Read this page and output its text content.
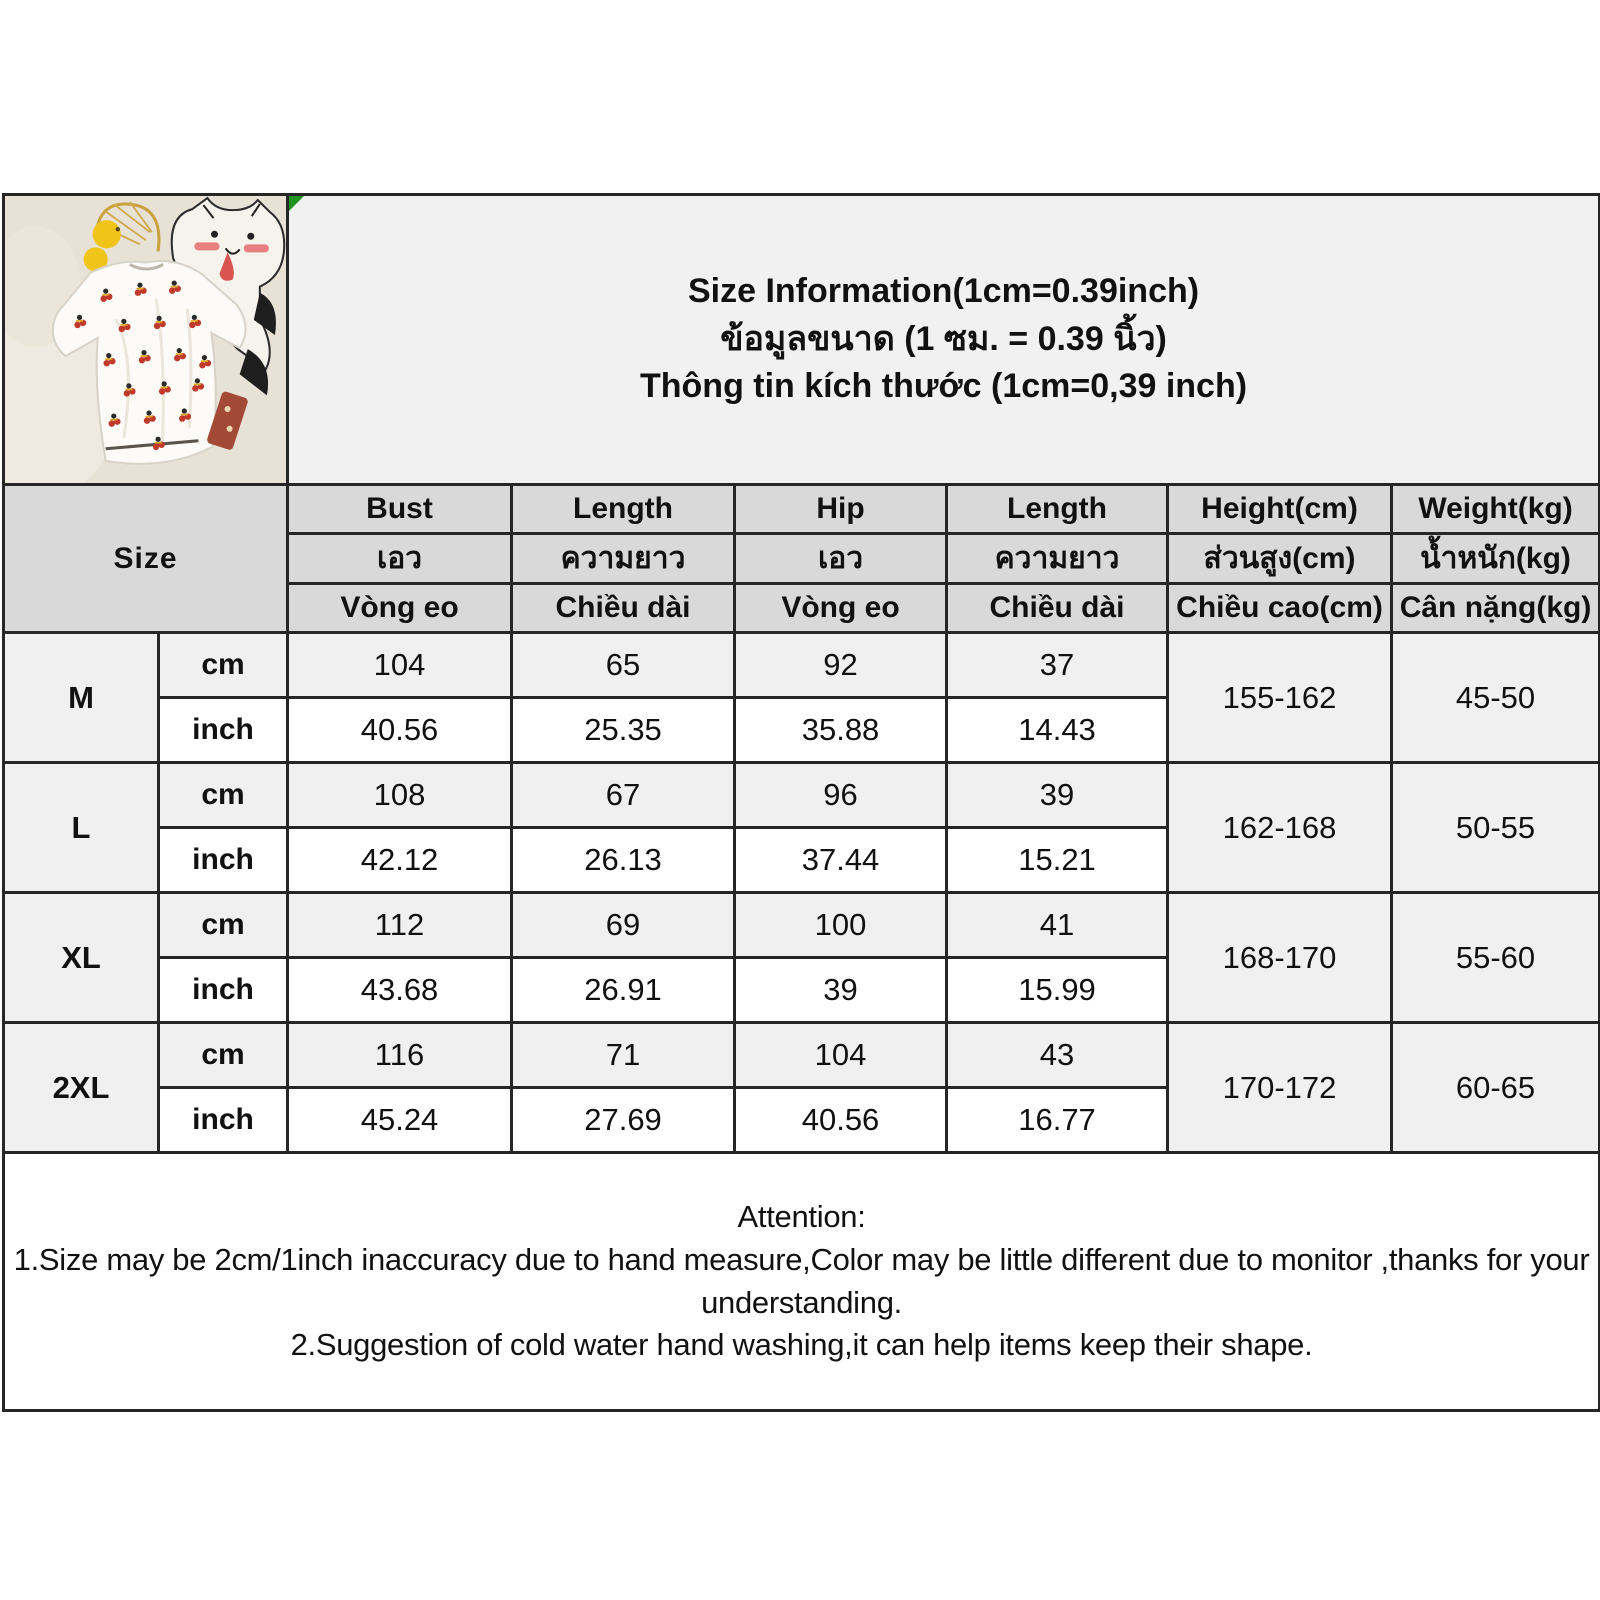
Size Information(1cm=0.39inch)
ข้อมูลขนาด (1 ซม. = 0.39 นิ้ว)
Thông tin kích thước (1cm=0,39 inch)					

Size		Bust	Length	Hip	Length	Height(cm)	Weight(kg)
		เอว	ความยาว	เอว	ความยาว	ส่วนสูง(cm)	น้ำหนัก(kg)
		Vòng eo	Chiều dài	Vòng eo	Chiều dài	Chiều cao(cm)	Cân nặng(kg)
M	cm	104	65	92	37	155-162	45-50
	inch	40.56	25.35	35.88	14.43		
L	cm	108	67	96	39	162-168	50-55
	inch	42.12	26.13	37.44	15.21		
XL	cm	112	69	100	41	168-170	55-60
	inch	43.68	26.91	39	15.99		
2XL	cm	116	71	104	43	170-172	60-65
	inch	45.24	27.69	40.56	16.77		

Attention:
1.Size may be 2cm/1inch inaccuracy due to hand measure,Color may be little different due to monitor ,thanks for your
understanding.
2.Suggestion of cold water hand washing,it can help items keep their shape.							
